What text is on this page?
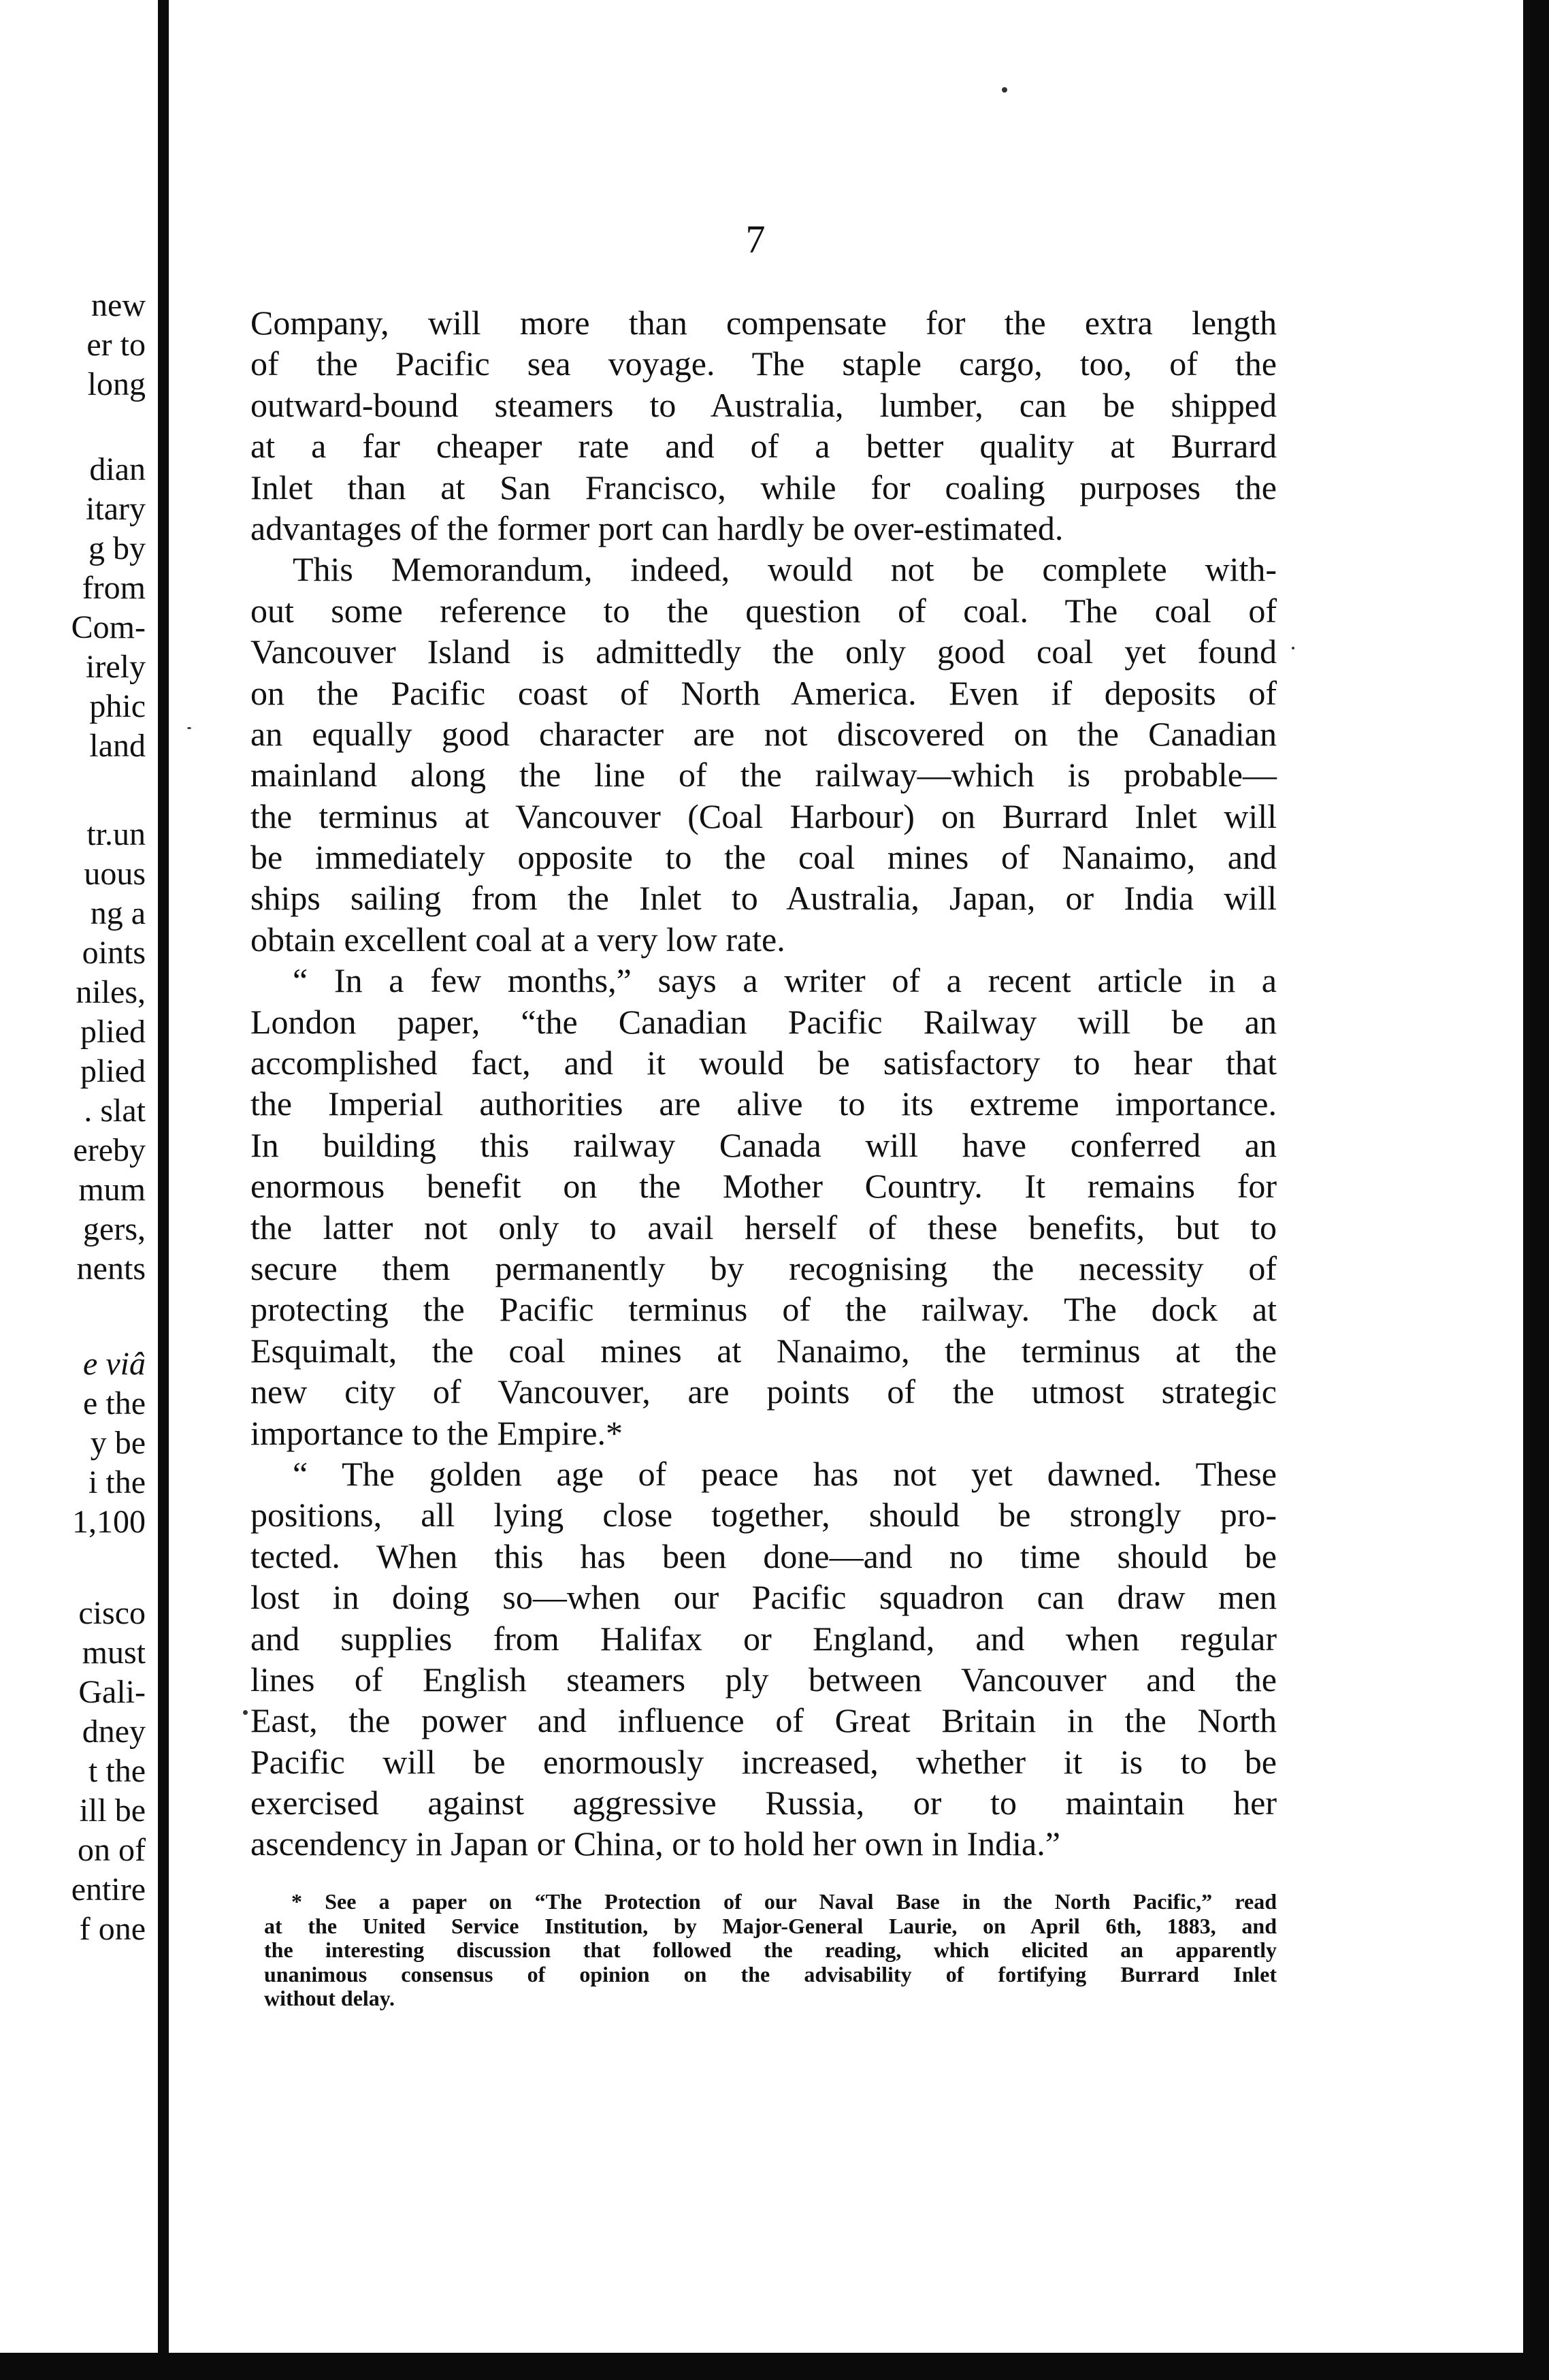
new
er to
long
dian
itary
g by
from
Com-
irely
phic
land
tr.un
uous
ng a
oints
niles,
plied
plied
. slat
ereby
mum
gers,
nents
e viâ
e the
y be
i the
1,100
cisco
must
Gali-
dney
t the
ill be
on of
entire
f one
7
Company, will more than compensate for the extra length
of the Pacific sea voyage. The staple cargo, too, of the
outward-bound steamers to Australia, lumber, can be shipped
at a far cheaper rate and of a better quality at Burrard
Inlet than at San Francisco, while for coaling purposes the
advantages of the former port can hardly be over-estimated.
This Memorandum, indeed, would not be complete with-
out some reference to the question of coal. The coal of
Vancouver Island is admittedly the only good coal yet found
on the Pacific coast of North America. Even if deposits of
an equally good character are not discovered on the Canadian
mainland along the line of the railway—which is probable—
the terminus at Vancouver (Coal Harbour) on Burrard Inlet will
be immediately opposite to the coal mines of Nanaimo, and
ships sailing from the Inlet to Australia, Japan, or India will
obtain excellent coal at a very low rate.
“ In a few months,” says a writer of a recent article in a
London paper, “the Canadian Pacific Railway will be an
accomplished fact, and it would be satisfactory to hear that
the Imperial authorities are alive to its extreme importance.
In building this railway Canada will have conferred an
enormous benefit on the Mother Country. It remains for
the latter not only to avail herself of these benefits, but to
secure them permanently by recognising the necessity of
protecting the Pacific terminus of the railway. The dock at
Esquimalt, the coal mines at Nanaimo, the terminus at the
new city of Vancouver, are points of the utmost strategic
importance to the Empire.*
“ The golden age of peace has not yet dawned. These
positions, all lying close together, should be strongly pro-
tected. When this has been done—and no time should be
lost in doing so—when our Pacific squadron can draw men
and supplies from Halifax or England, and when regular
lines of English steamers ply between Vancouver and the
East, the power and influence of Great Britain in the North
Pacific will be enormously increased, whether it is to be
exercised against aggressive Russia, or to maintain her
ascendency in Japan or China, or to hold her own in India.”
* See a paper on “The Protection of our Naval Base in the North Pacific,” read
at the United Service Institution, by Major-General Laurie, on April 6th, 1883, and
the interesting discussion that followed the reading, which elicited an apparently
unanimous consensus of opinion on the advisability of fortifying Burrard Inlet
without delay.
